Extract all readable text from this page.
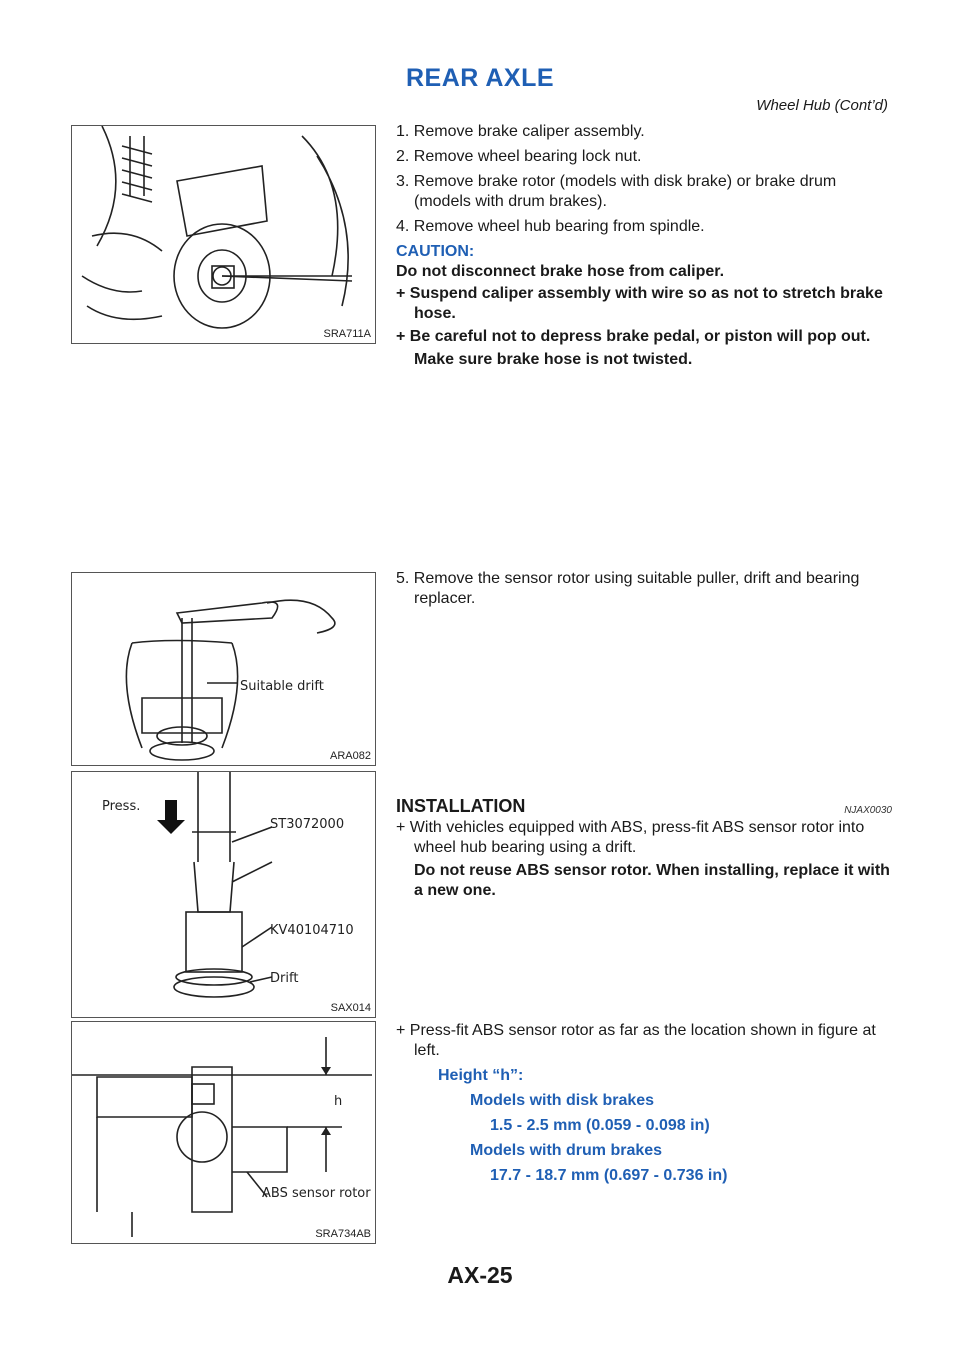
REAR AXLE
Wheel Hub (Cont’d)
SRA711A

1. Remove brake caliper assembly.

2. Remove wheel bearing lock nut.

3. Remove brake rotor (models with disk brake) or brake drum (models with drum brakes).

4. Remove wheel hub bearing from spindle.

CAUTION:
Do not disconnect brake hose from caliper.
+ Suspend caliper assembly with wire so as not to stretch brake hose.
+ Be careful not to depress brake pedal, or piston will pop out.
Make sure brake hose is not twisted.
Suitable drift
ARA082

5. Remove the sensor rotor using suitable puller, drift and bearing replacer.

Press.
ST3072000
KV40104710
Drift
SAX014
INSTALLATION	NJAX0030
+ With vehicles equipped with ABS, press-fit ABS sensor rotor into wheel hub bearing using a drift.
Do not reuse ABS sensor rotor. When installing, replace it with a new one.
h
ABS sensor rotor
SRA734AB
+ Press-fit ABS sensor rotor as far as the location shown in figure at left.
Height “h”:
Models with disk brakes
1.5 - 2.5 mm (0.059 - 0.098 in)
Models with drum brakes
17.7 - 18.7 mm (0.697 - 0.736 in)
AX-25
